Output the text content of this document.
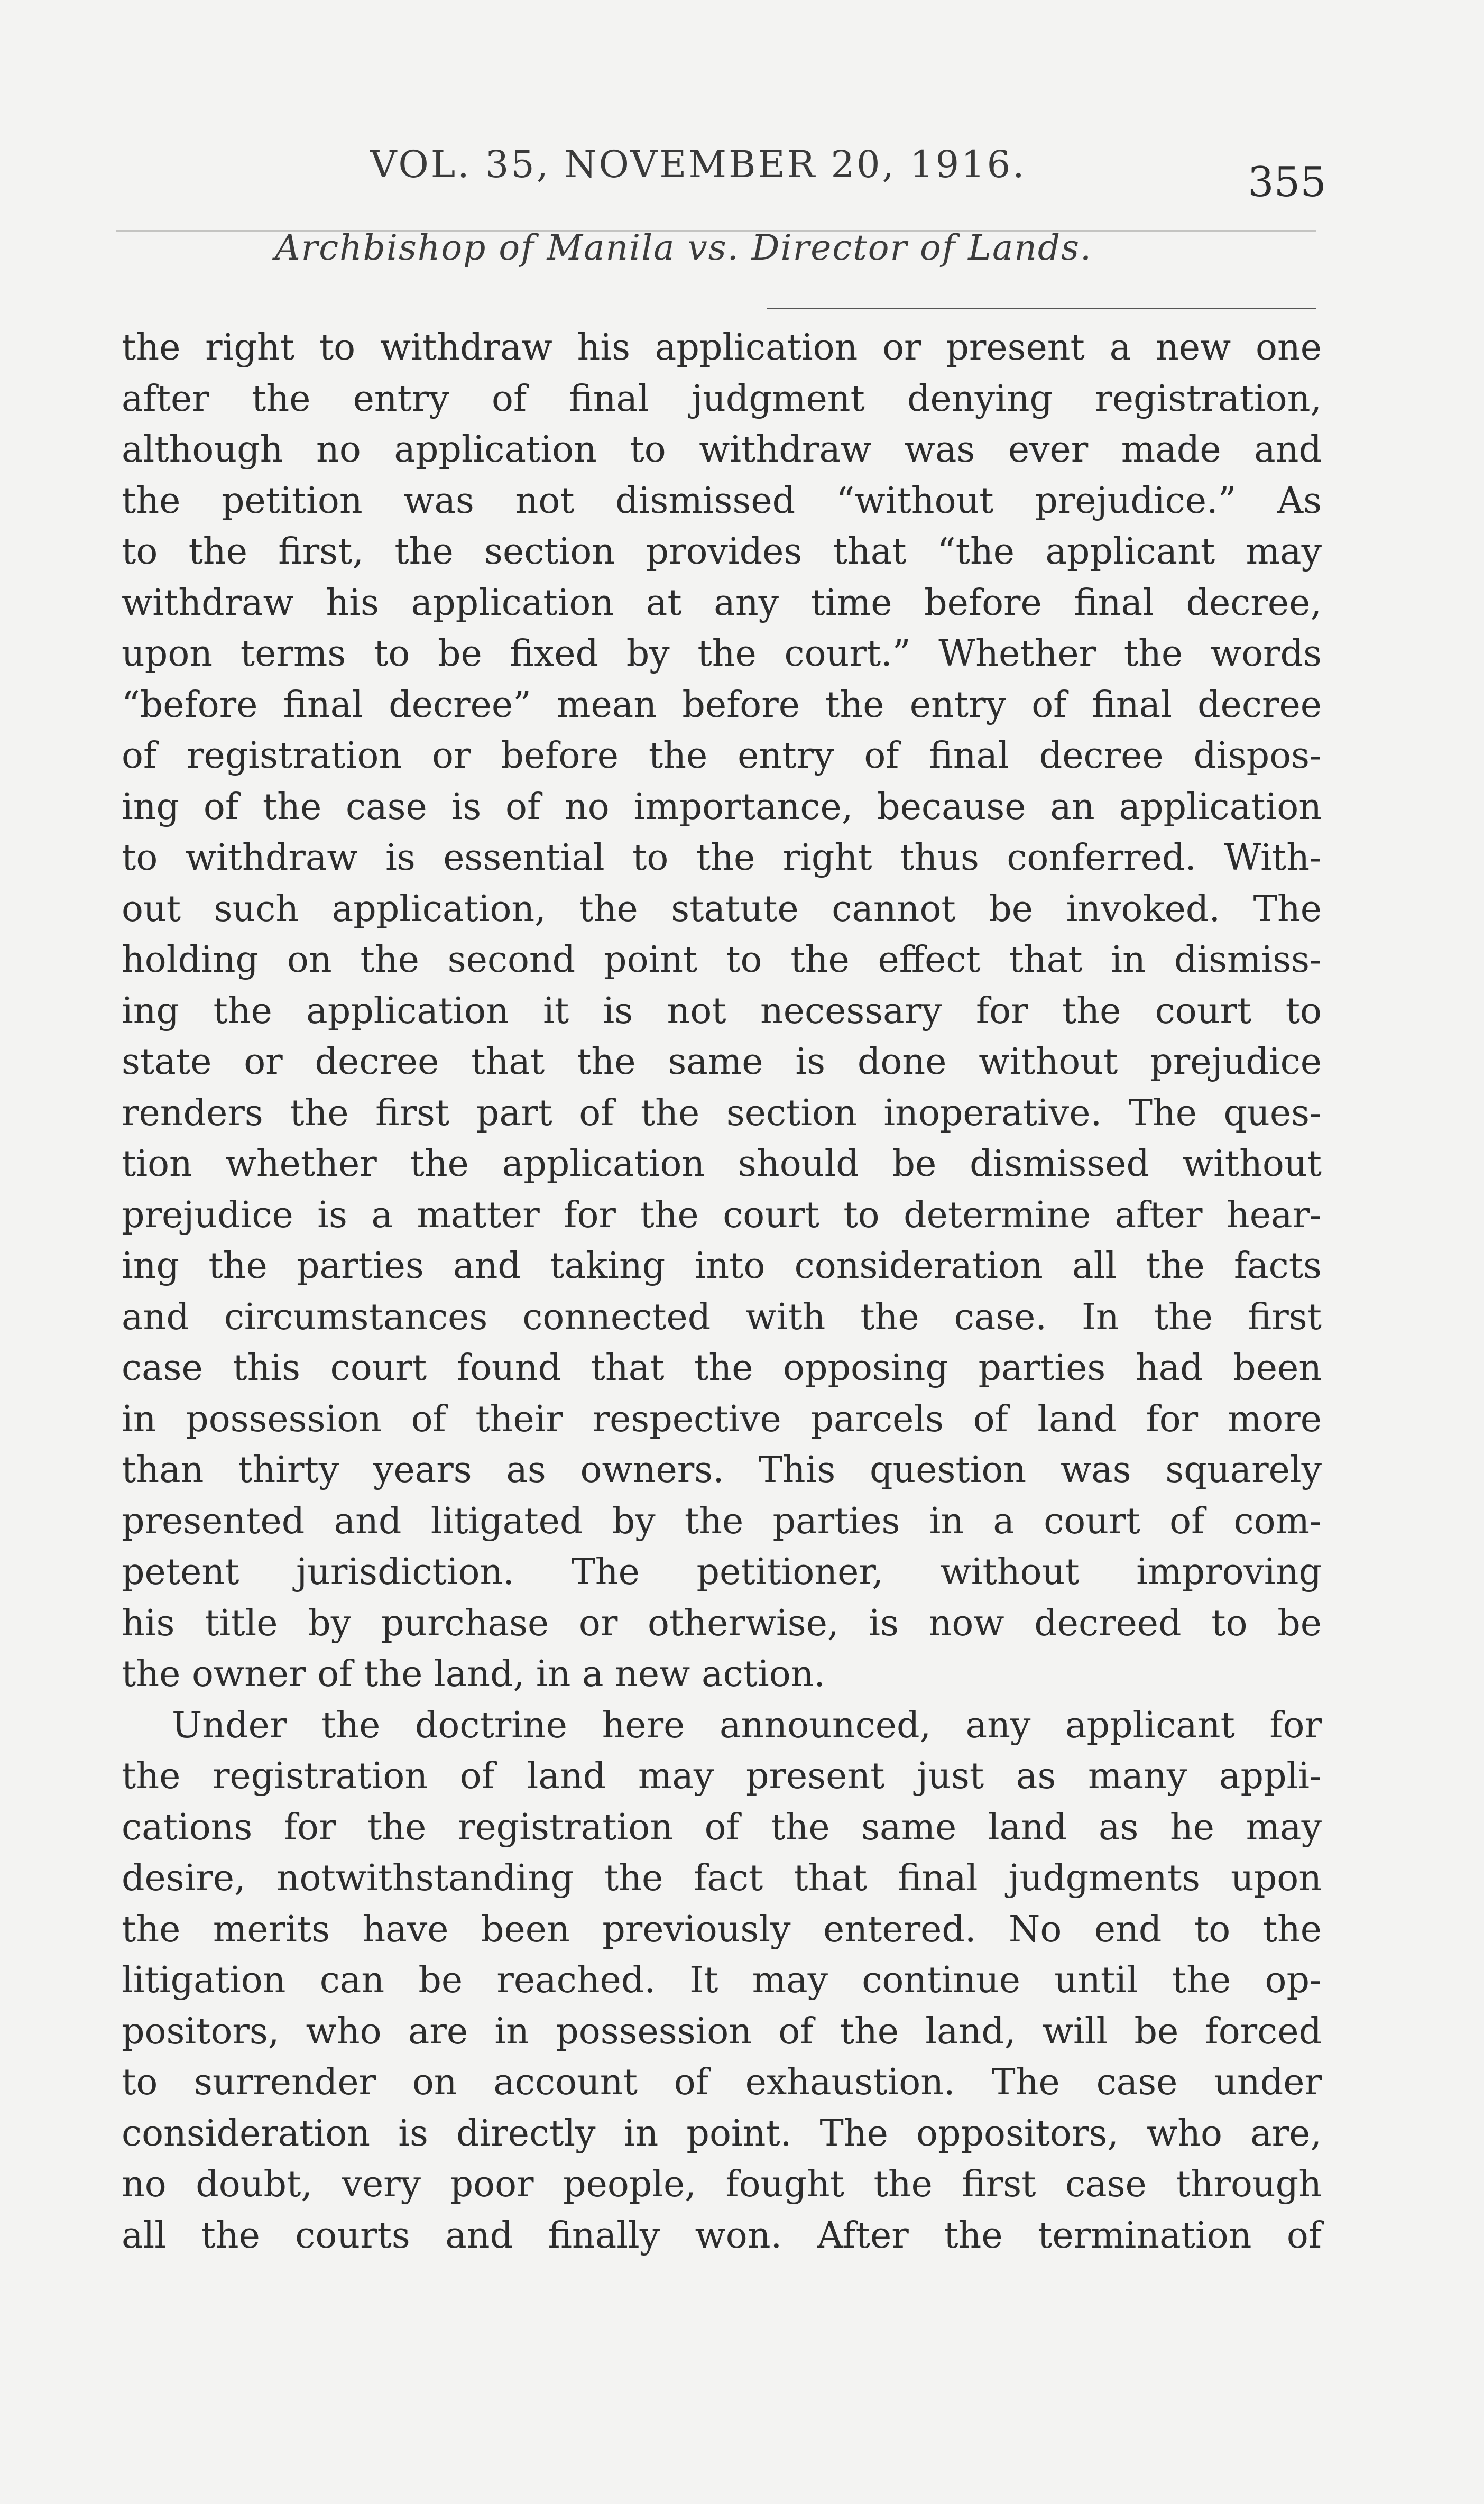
VOL. 35, NOVEMBER 20, 1916.	355
Archbishop of Manila vs. Director of Lands.
the right to withdraw his application or present a new one
after the entry of final judgment denying registration,
although no application to withdraw was ever made and
the petition was not dismissed “without prejudice.” As
to the first, the section provides that “the applicant may
withdraw his application at any time before final decree,
upon terms to be fixed by the court.” Whether the words
“before final decree” mean before the entry of final decree
of registration or before the entry of final decree dispos-
ing of the case is of no importance, because an application
to withdraw is essential to the right thus conferred. With-
out such application, the statute cannot be invoked. The
holding on the second point to the effect that in dismiss-
ing the application it is not necessary for the court to
state or decree that the same is done without prejudice
renders the first part of the section inoperative. The ques-
tion whether the application should be dismissed without
prejudice is a matter for the court to determine after hear-
ing the parties and taking into consideration all the facts
and circumstances connected with the case. In the first
case this court found that the opposing parties had been
in possession of their respective parcels of land for more
than thirty years as owners. This question was squarely
presented and litigated by the parties in a court of com-
petent jurisdiction. The petitioner, without improving
his title by purchase or otherwise, is now decreed to be
the owner of the land, in a new action.
Under the doctrine here announced, any applicant for
the registration of land may present just as many appli-
cations for the registration of the same land as he may
desire, notwithstanding the fact that final judgments upon
the merits have been previously entered. No end to the
litigation can be reached. It may continue until the op-
positors, who are in possession of the land, will be forced
to surrender on account of exhaustion. The case under
consideration is directly in point. The oppositors, who are,
no doubt, very poor people, fought the first case through
all the courts and finally won. After the termination of
